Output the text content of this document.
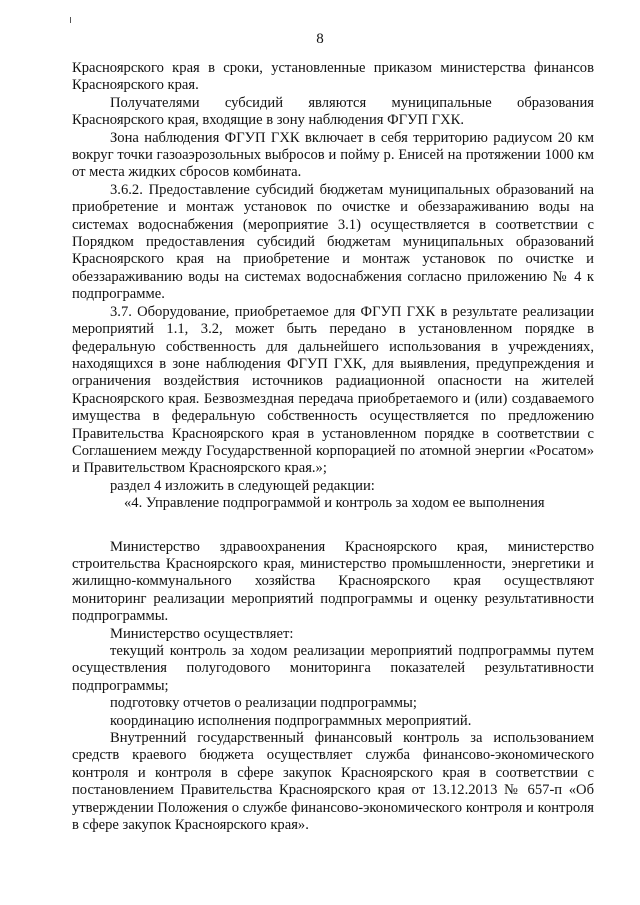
8

Красноярского края в сроки, установленные приказом министерства финансов Красноярского края.

Получателями субсидий являются муниципальные образования Красноярского края, входящие в зону наблюдения ФГУП ГХК.

Зона наблюдения ФГУП ГХК включает в себя территорию радиусом 20 км вокруг точки газоаэрозольных выбросов и пойму р. Енисей на протяжении 1000 км от места жидких сбросов комбината.

3.6.2. Предоставление субсидий бюджетам муниципальных образований на приобретение и монтаж установок по очистке и обеззараживанию воды на системах водоснабжения (мероприятие 3.1) осуществляется в соответствии с Порядком предоставления субсидий бюджетам муниципальных образований Красноярского края на приобретение и монтаж установок по очистке и обеззараживанию воды на системах водоснабжения согласно приложению № 4 к подпрограмме.

3.7. Оборудование, приобретаемое для ФГУП ГХК в результате реализации мероприятий 1.1, 3.2, может быть передано в установленном порядке в федеральную собственность для дальнейшего использования в учреждениях, находящихся в зоне наблюдения ФГУП ГХК, для выявления, предупреждения и ограничения воздействия источников радиационной опасности на жителей Красноярского края. Безвозмездная передача приобретаемого и (или) создаваемого имущества в федеральную собственность осуществляется по предложению Правительства Красноярского края в установленном порядке в соответствии с Соглашением между Государственной корпорацией по атомной энергии «Росатом» и Правительством Красноярского края.»;

раздел 4 изложить в следующей редакции:

«4. Управление подпрограммой и контроль за ходом ее выполнения

Министерство здравоохранения Красноярского края, министерство строительства Красноярского края, министерство промышленности, энергетики и жилищно-коммунального хозяйства Красноярского края осуществляют мониторинг реализации мероприятий подпрограммы и оценку результативности подпрограммы.

Министерство осуществляет:

текущий контроль за ходом реализации мероприятий подпрограммы путем осуществления полугодового мониторинга показателей результативности подпрограммы;

подготовку отчетов о реализации подпрограммы;

координацию исполнения подпрограммных мероприятий.

Внутренний государственный финансовый контроль за использованием средств краевого бюджета осуществляет служба финансово-экономического контроля и контроля в сфере закупок Красноярского края в соответствии с постановлением Правительства Красноярского края от 13.12.2013 № 657-п «Об утверждении Положения о службе финансово-экономического контроля и контроля в сфере закупок Красноярского края».
